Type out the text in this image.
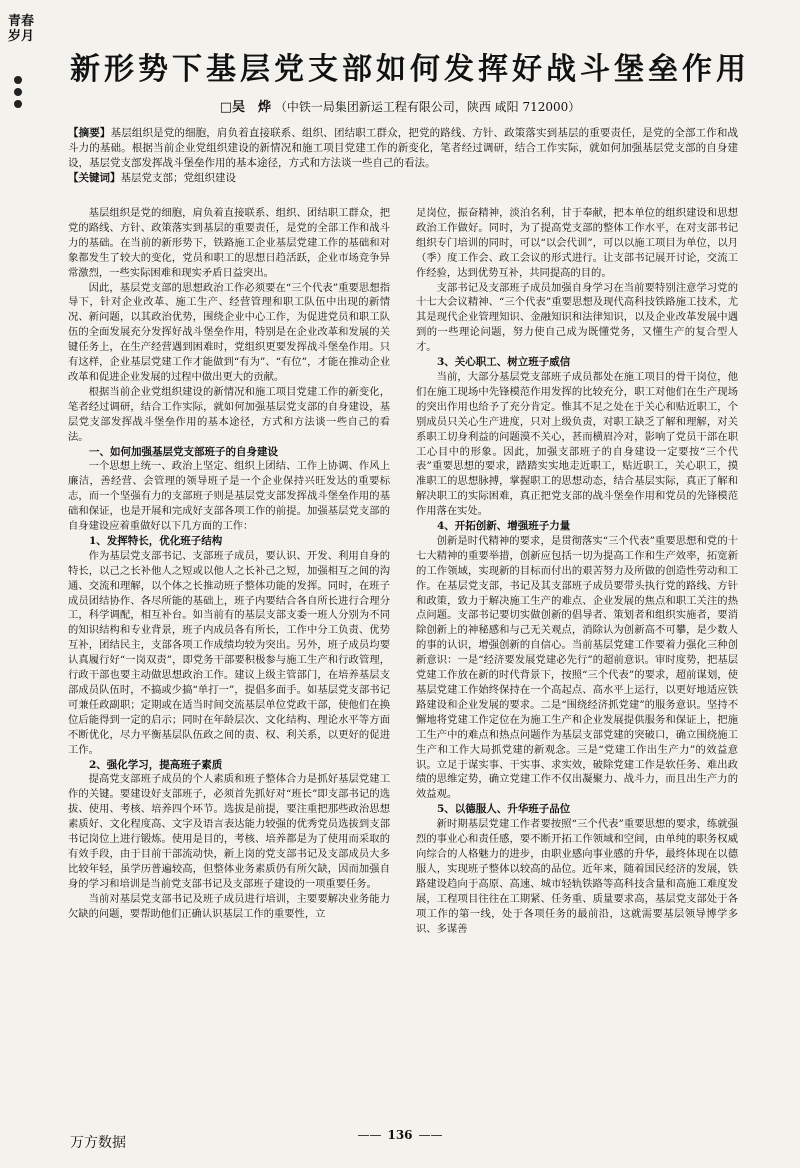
青春岁月
新形势下基层党支部如何发挥好战斗堡垒作用
□吴　烨 （中铁一局集团新运工程有限公司，陕西 咸阳 712000）
【摘要】基层组织是党的细胞，肩负着直接联系、组织、团结职工群众，把党的路线、方针、政策落实到基层的重要责任，是党的全部工作和战斗力的基础。根据当前企业党组织建设的新情况和施工项目党建工作的新变化，笔者经过调研，结合工作实际，就如何加强基层党支部的自身建设，基层党支部发挥战斗堡垒作用的基本途径，方式和方法谈一些自己的看法。
【关键词】基层党支部；党组织建设

基层组织是党的细胞，肩负着直接联系、组织、团结职工群众，把党的路线、方针、政策落实到基层的重要责任，是党的全部工作和战斗力的基础。在当前的新形势下，铁路施工企业基层党建工作的基础和对象都发生了较大的变化，党员和职工的思想日趋活跃，企业市场竞争异常激烈，一些实际困难和现实矛盾日益突出。

因此，基层党支部的思想政治工作必须要在“三个代表”重要思想指导下，针对企业改革、施工生产、经营管理和职工队伍中出现的新情况、新问题，以其政治优势，围绕企业中心工作，为促进党员和职工队伍的全面发展充分发挥好战斗堡垒作用，特别是在企业改革和发展的关键任务上，在生产经营遇到困难时，党组织更要发挥战斗堡垒作用。只有这样，企业基层党建工作才能做到“有为”、“有位”，才能在推动企业改革和促进企业发展的过程中做出更大的贡献。

根据当前企业党组织建设的新情况和施工项目党建工作的新变化，笔者经过调研，结合工作实际，就如何加强基层党支部的自身建设，基层党支部发挥战斗堡垒作用的基本途径，方式和方法谈一些自己的看法。

一、如何加强基层党支部班子的自身建设

一个思想上统一、政治上坚定、组织上团结、工作上协调、作风上廉洁，善经营、会管理的领导班子是一个企业保持兴旺发达的重要标志，而一个坚强有力的支部班子则是基层党支部发挥战斗堡垒作用的基础和保证，也是开展和完成好支部各项工作的前提。加强基层党支部的自身建设应着重做好以下几方面的工作：

1、发挥特长，优化班子结构

作为基层党支部书记、支部班子成员，要认识、开发、利用自身的特长，以己之长补他人之短或以他人之长补己之短，加强相互之间的沟通、交流和理解，以个体之长推动班子整体功能的发挥。同时，在班子成员团结协作、各尽所能的基础上，班子内要结合各自所长进行合理分工，科学调配，相互补台。如当前有的基层支部支委一班人分别为不同的知识结构和专业背景，班子内成员各有所长，工作中分工负责、优势互补，团结民主，支部各项工作成绩均较为突出。另外，班子成员均要认真履行好“一岗双责”，即党务干部要积极参与施工生产和行政管理，行政干部也要主动做思想政治工作。建议上级主管部门，在培养基层支部成员队伍时，不搞或少搞“单打一”，提倡多面手。如基层党支部书记可兼任政副职；定期或在适当时间交流基层单位党政干部，使他们在换位后能得到一定的启示；同时在年龄层次、文化结构、理论水平等方面不断优化，尽力平衡基层队伍政之间的责、权、利关系，以更好的促进工作。

2、强化学习，提高班子素质

提高党支部班子成员的个人素质和班子整体合力是抓好基层党建工作的关键。要建设好支部班子，必须首先抓好对“班长”即支部书记的选拔、使用、考核、培养四个环节。选拔是前提，要注重把那些政治思想素质好、文化程度高、文字及语言表达能力较强的优秀党员选拔到支部书记岗位上进行锻炼。使用是目的，考核、培养都是为了使用而采取的有效手段，由于目前干部流动快，新上岗的党支部书记及支部成员大多比较年轻，虽学历普遍较高，但整体业务素质仍有所欠缺，因而加强自身的学习和培训是当前党支部书记及支部班子建设的一项重要任务。

当前对基层党支部书记及班子成员进行培训，主要要解决业务能力欠缺的问题，要帮助他们正确认识基层工作的重要性，立

足岗位，振奋精神，淡泊名利，甘于奉献，把本单位的组织建设和思想政治工作做好。同时，为了提高党支部的整体工作水平，在对支部书记组织专门培训的同时，可以“以会代训”，可以以施工项目为单位，以月（季）度工作会、政工会议的形式进行。让支部书记展开讨论，交流工作经验，达到优势互补，共同提高的目的。

支部书记及支部班子成员加强自身学习在当前要特别注意学习党的十七大会议精神、“三个代表”重要思想及现代高科技铁路施工技术，尤其是现代企业管理知识、金融知识和法律知识，以及企业改革发展中遇到的一些理论问题，努力使自己成为既懂党务，又懂生产的复合型人才。

3、关心职工、树立班子威信

当前，大部分基层党支部班子成员都处在施工项目的骨干岗位，他们在施工现场中先锋模范作用发挥的比较充分，职工对他们在生产现场的突出作用也给予了充分肯定。惟其不足之处在于关心和贴近职工，个别成员只关心生产进度，只对上级负责，对职工缺乏了解和理解，对关系职工切身利益的问题漠不关心，甚而横眉冷对，影响了党员干部在职工心目中的形象。因此，加强支部班子的自身建设一定要按“三个代表”重要思想的要求，踏踏实实地走近职工，贴近职工，关心职工，摸准职工的思想脉搏，掌握职工的思想动态，结合基层实际，真正了解和解决职工的实际困难，真正把党支部的战斗堡垒作用和党员的先锋模范作用落在实处。

4、开拓创新、增强班子力量

创新是时代精神的要求，是贯彻落实“三个代表”重要思想和党的十七大精神的重要举措，创新应包括一切为提高工作和生产效率，拓宽新的工作领域，实现新的目标而付出的艰苦努力及所做的创造性劳动和工作。在基层党支部，书记及其支部班子成员要带头执行党的路线、方针和政策，致力于解决施工生产的难点、企业发展的焦点和职工关注的热点问题。支部书记要切实做创新的倡导者、策划者和组织实施者，要消除创新上的神秘感和与己无关观点，消除认为创新高不可攀，是少数人的事的认识，增强创新的自信心。当前基层党建工作要着力强化三种创新意识：一是“经济要发展党建必先行”的超前意识。审时度势，把基层党建工作放在新的时代背景下，按照“三个代表”的要求，超前谋划，使基层党建工作始终保持在一个高起点、高水平上运行，以更好地适应铁路建设和企业发展的要求。二是“围绕经济抓党建”的服务意识。坚持不懈地将党建工作定位在为施工生产和企业发展提供服务和保证上，把施工生产中的难点和热点问题作为基层支部党建的突破口，确立围绕施工生产和工作大局抓党建的新观念。三是“党建工作出生产力”的效益意识。立足于谋实事、干实事、求实效，破除党建工作是软任务、难出政绩的思维定势，确立党建工作不仅出凝聚力、战斗力，而且出生产力的效益观。

5、以德服人、升华班子品位

新时期基层党建工作者要按照“三个代表”重要思想的要求，练就强烈的事业心和责任感，要不断开拓工作领域和空间，由单纯的职务权威向综合的人格魅力的进步，由职业感向事业感的升华，最终体现在以德服人，实现班子整体以较高的品位。近年来，随着国民经济的发展，铁路建设趋向于高原、高速、城市轻轨铁路等高科技含量和高施工难度发展，工程项目往往在工期紧、任务重、质量要求高，基层党支部处于各项工作的第一线，处于各项任务的最前沿，这就需要基层领导博学多识、多谋善

万方数据	—— 136 ——
